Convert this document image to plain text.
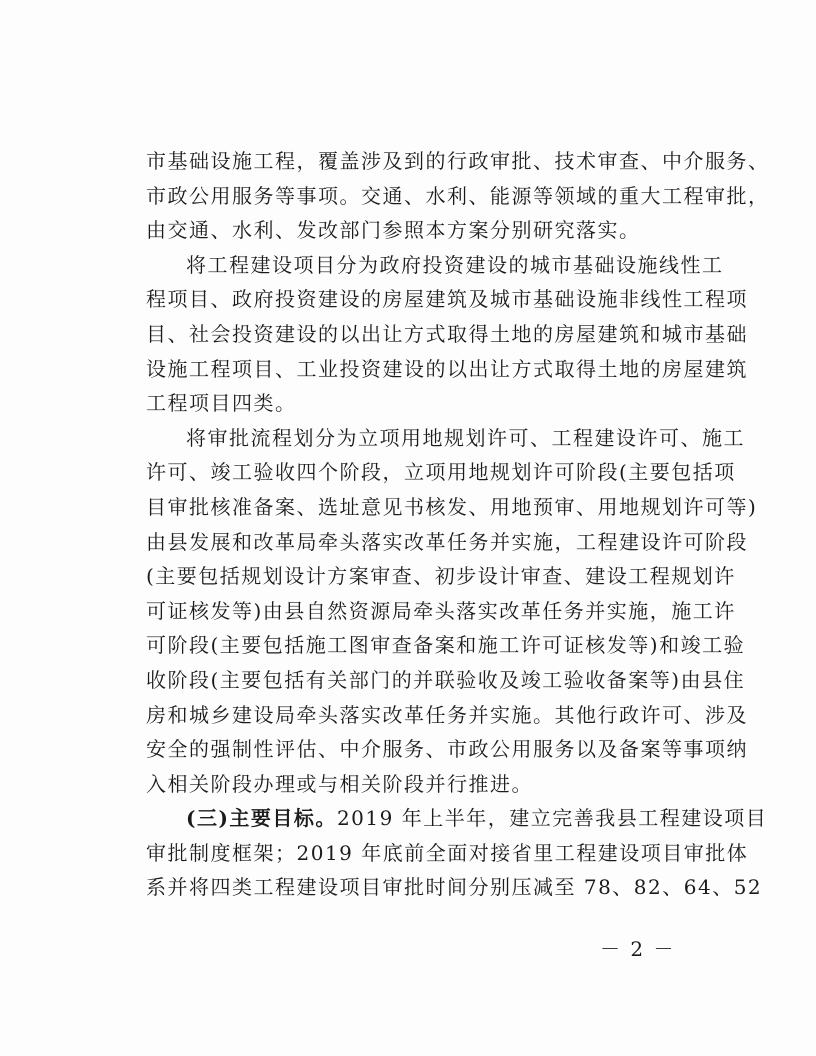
市基础设施工程，覆盖涉及到的行政审批、技术审查、中介服务、
市政公用服务等事项。交通、水利、能源等领域的重大工程审批，
由交通、水利、发改部门参照本方案分别研究落实。
将工程建设项目分为政府投资建设的城市基础设施线性工
程项目、政府投资建设的房屋建筑及城市基础设施非线性工程项
目、社会投资建设的以出让方式取得土地的房屋建筑和城市基础
设施工程项目、工业投资建设的以出让方式取得土地的房屋建筑
工程项目四类。
将审批流程划分为立项用地规划许可、工程建设许可、施工
许可、竣工验收四个阶段，立项用地规划许可阶段(主要包括项
目审批核准备案、选址意见书核发、用地预审、用地规划许可等)
由县发展和改革局牵头落实改革任务并实施，工程建设许可阶段
(主要包括规划设计方案审查、初步设计审查、建设工程规划许
可证核发等)由县自然资源局牵头落实改革任务并实施，施工许
可阶段(主要包括施工图审查备案和施工许可证核发等)和竣工验
收阶段(主要包括有关部门的并联验收及竣工验收备案等)由县住
房和城乡建设局牵头落实改革任务并实施。其他行政许可、涉及
安全的强制性评估、中介服务、市政公用服务以及备案等事项纳
入相关阶段办理或与相关阶段并行推进。
(三)主要目标。2019 年上半年，建立完善我县工程建设项目
审批制度框架；2019 年底前全面对接省里工程建设项目审批体
系并将四类工程建设项目审批时间分别压减至 78、82、64、52
－ 2 －
